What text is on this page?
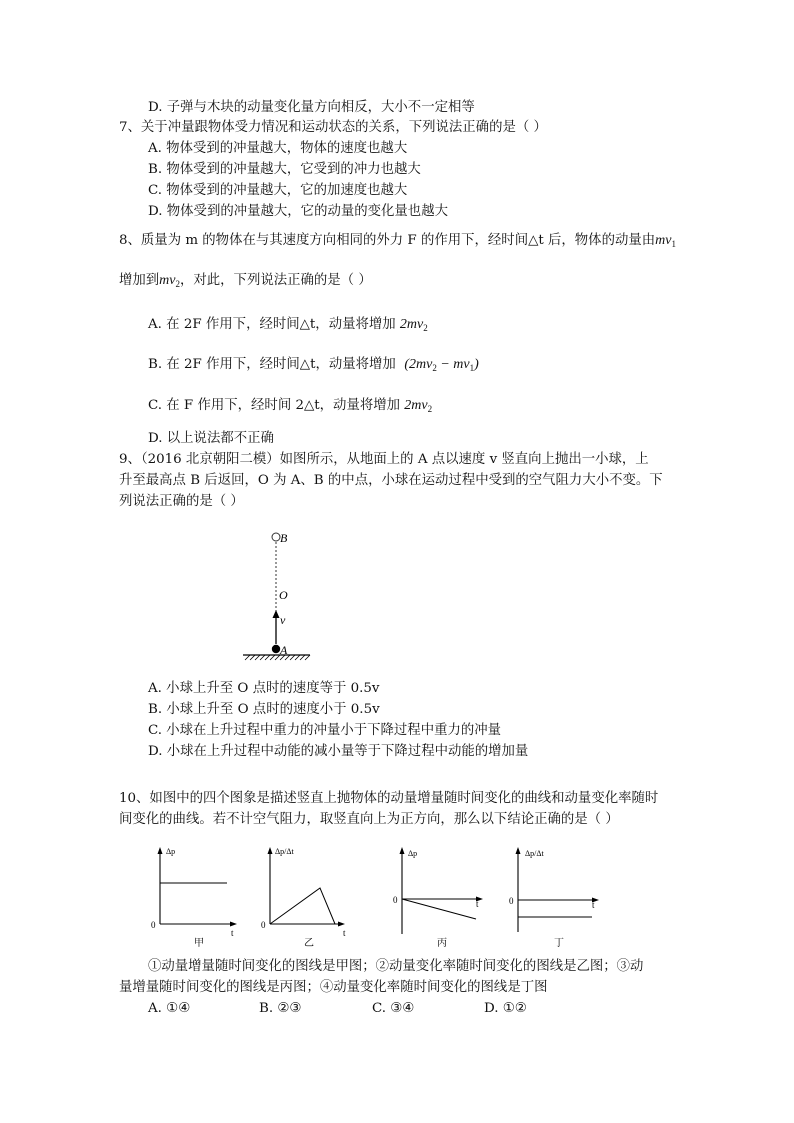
D. 子弹与木块的动量变化量方向相反，大小不一定相等
7、关于冲量跟物体受力情况和运动状态的关系，下列说法正确的是（ ）
A. 物体受到的冲量越大，物体的速度也越大
B. 物体受到的冲量越大，它受到的冲力也越大
C. 物体受到的冲量越大，它的加速度也越大
D. 物体受到的冲量越大，它的动量的变化量也越大
8、质量为 m 的物体在与其速度方向相同的外力 F 的作用下，经时间△t 后，物体的动量由$mv_1$
增加到$mv_2$，对此，下列说法正确的是（ ）
A. 在 2F 作用下，经时间△t，动量将增加 $2mv_2$
B. 在 2F 作用下，经时间△t，动量将增加 $(2mv_2 - mv_1)$
C. 在 F 作用下，经时间 2△t，动量将增加 $2mv_2$
D. 以上说法都不正确
9、（2016 北京朝阳二模）如图所示，从地面上的 A 点以速度 v 竖直向上抛出一小球，上
升至最高点 B 后返回，O 为 A、B 的中点，小球在运动过程中受到的空气阻力大小不变。下
列说法正确的是（ ）
B
O
v
A
A. 小球上升至 O 点时的速度等于 0.5v
B. 小球上升至 O 点时的速度小于 0.5v
C. 小球在上升过程中重力的冲量小于下降过程中重力的冲量
D. 小球在上升过程中动能的减小量等于下降过程中动能的增加量
10、如图中的四个图象是描述竖直上抛物体的动量增量随时间变化的曲线和动量变化率随时
间变化的曲线。若不计空气阻力，取竖直向上为正方向，那么以下结论正确的是（ ）
Δp
0
t
甲
Δp/Δt
0
t
乙
Δp
0	t
丙
Δp/Δt
0	t
丁
①动量增量随时间变化的图线是甲图；②动量变化率随时间变化的图线是乙图；③动
量增量随时间变化的图线是丙图；④动量变化率随时间变化的图线是丁图
A. ①④	B. ②③	C. ③④	D. ①②
